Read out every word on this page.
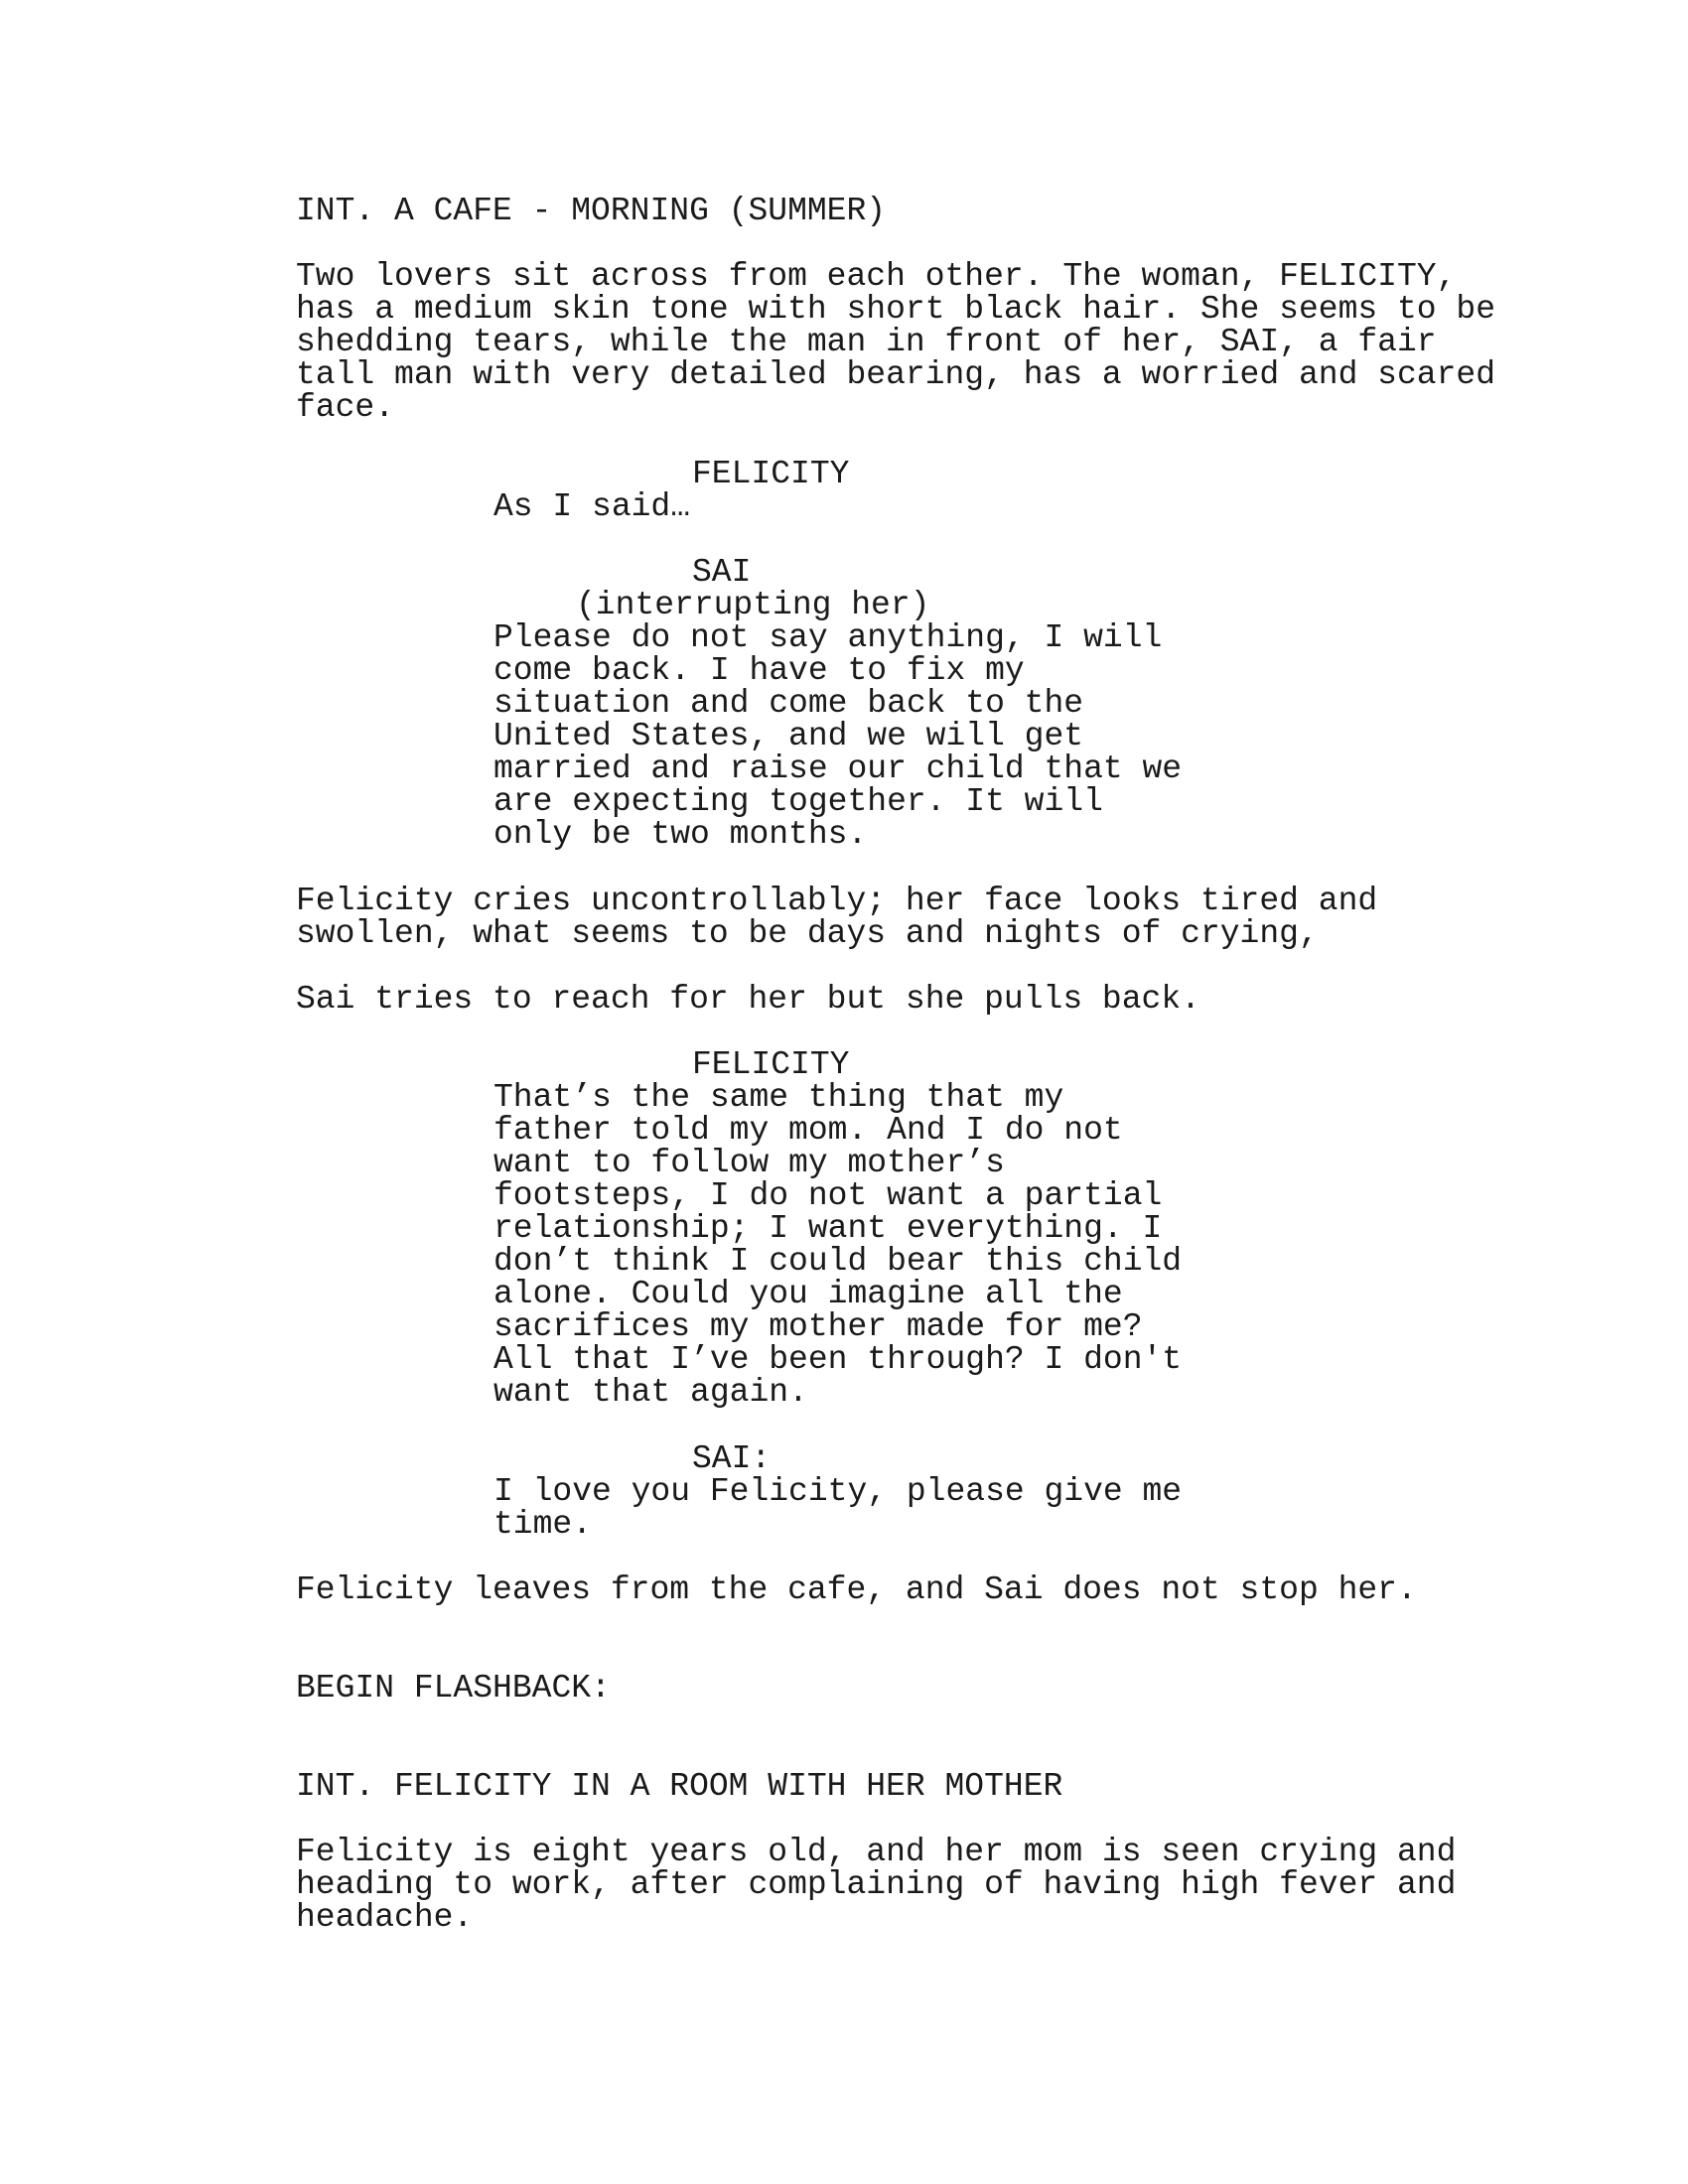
INT. A CAFE - MORNING (SUMMER)
Two lovers sit across from each other. The woman, FELICITY,
has a medium skin tone with short black hair. She seems to be
shedding tears, while the man in front of her, SAI, a fair
tall man with very detailed bearing, has a worried and scared
face.
FELICITY
As I said…
SAI
(interrupting her)
Please do not say anything, I will
come back. I have to fix my
situation and come back to the
United States, and we will get
married and raise our child that we
are expecting together. It will
only be two months.
Felicity cries uncontrollably; her face looks tired and
swollen, what seems to be days and nights of crying,
Sai tries to reach for her but she pulls back.
FELICITY
That’s the same thing that my
father told my mom. And I do not
want to follow my mother’s
footsteps, I do not want a partial
relationship; I want everything. I
don’t think I could bear this child
alone. Could you imagine all the
sacrifices my mother made for me?
All that I’ve been through? I don't
want that again.
SAI:
I love you Felicity, please give me
time.
Felicity leaves from the cafe, and Sai does not stop her.
BEGIN FLASHBACK:
INT. FELICITY IN A ROOM WITH HER MOTHER
Felicity is eight years old, and her mom is seen crying and
heading to work, after complaining of having high fever and
headache.
